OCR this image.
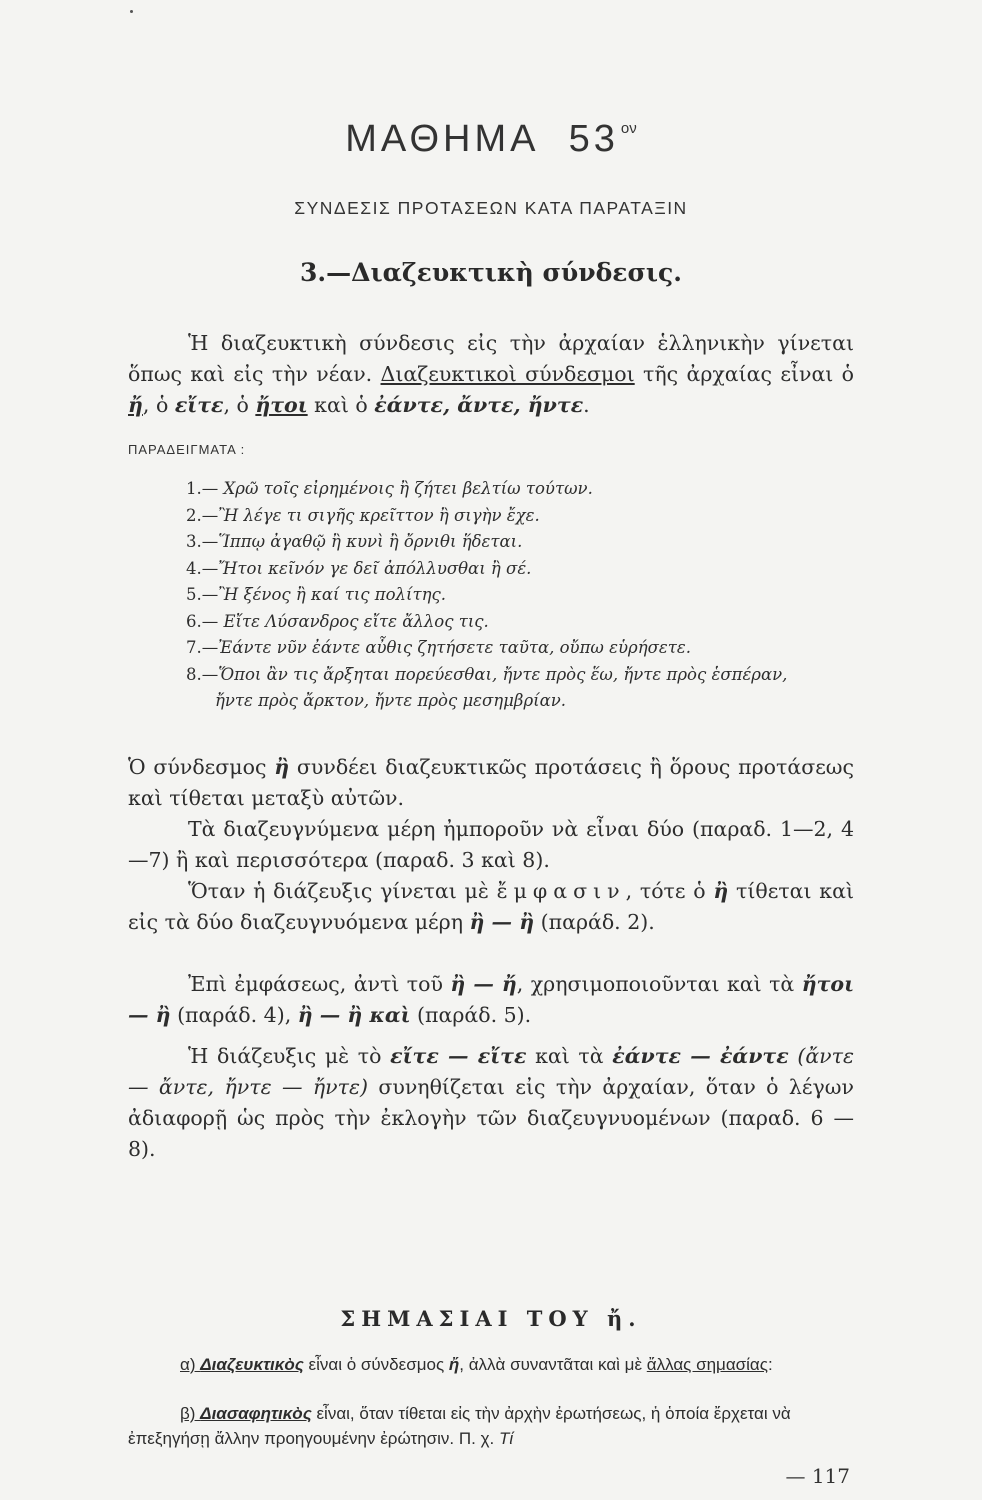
ΜΑΘΗΜΑ 53 $^{o\nu}$
ΣΥΝΔΕΣΙΣ ΠΡΟΤΑΣΕΩΝ ΚΑΤΑ ΠΑΡΑΤΑΞΙΝ
3.—Διαζευκτικὴ σύνδεσις.

Ἡ διαζευκτικὴ σύνδεσις εἰς τὴν ἀρχαίαν ἑλληνικὴν γίνεται ὅπως καὶ εἰς τὴν νέαν. Διαζευκτικοὶ σύνδεσμοι τῆς ἀρχαίας εἶναι ὁ ἤ, ὁ εἴτε, ὁ ἤτοι καὶ ὁ ἐάντε, ἄντε, ἤντε.

ΠΑΡΑΔΕΙΓΜΑΤΑ :
1.— Χρῶ τοῖς εἰρημένοις ἢ ζήτει βελτίω τούτων.
2.—Ἢ λέγε τι σιγῆς κρεῖττον ἢ σιγὴν ἔχε.
3.—Ἵππῳ ἀγαθῷ ἢ κυνὶ ἢ ὄρνιθι ἥδεται.
4.—Ἤτοι κεῖνόν γε δεῖ ἀπόλλυσθαι ἢ σέ.
5.—Ἢ ξένος ἢ καί τις πολίτης.
6.— Εἴτε Λύσανδρος εἴτε ἄλλος τις.
7.—Ἐάντε νῦν ἐάντε αὖθις ζητήσετε ταῦτα, οὔπω εὑρήσετε.
8.—Ὅποι ἂν τις ἄρξηται πορεύεσθαι, ἤντε πρὸς ἕω, ἤντε πρὸς ἑσπέραν,
ἤντε πρὸς ἄρκτον, ἤντε πρὸς μεσημβρίαν.

Ὁ σύνδεσμος ἢ συνδέει διαζευκτικῶς προτάσεις ἢ ὅρους προτάσεως καὶ τίθεται μεταξὺ αὐτῶν.

Τὰ διαζευγνύμενα μέρη ἠμποροῦν νὰ εἶναι δύο (παραδ. 1—2, 4—7) ἢ καὶ περισσότερα (παραδ. 3 καὶ 8).

Ὅταν ἡ διάζευξις γίνεται μὲ ἔμφασιν, τότε ὁ ἢ τίθεται καὶ εἰς τὰ δύο διαζευγνυόμενα μέρη ἢ — ἢ (παράδ. 2).

Ἐπὶ ἐμφάσεως, ἀντὶ τοῦ ἢ — ἤ, χρησιμοποιοῦνται καὶ τὰ ἤτοι — ἢ (παράδ. 4), ἢ — ἢ καὶ (παράδ. 5).

Ἡ διάζευξις μὲ τὸ εἴτε — εἴτε καὶ τὰ ἐάντε — ἐάντε (ἄντε — ἄντε, ἤντε — ἤντε) συνηθίζεται εἰς τὴν ἀρχαίαν, ὅταν ὁ λέγων ἀδιαφορῇ ὡς πρὸς τὴν ἐκλογὴν τῶν διαζευγνυομένων (παραδ. 6 — 8).

ΣΗΜΑΣΙΑΙ ΤΟΥ ἤ.

α) Διαζευκτικὸς εἶναι ὁ σύνδεσμος ἤ, ἀλλὰ συναντᾶται καὶ μὲ ἄλλας σημασίας:

β) Διασαφητικὸς εἶναι, ὅταν τίθεται εἰς τὴν ἀρχὴν ἐρωτήσεως, ἡ ὁποία ἔρχεται νὰ ἐπεξηγήσῃ ἄλλην προηγουμένην ἐρώτησιν. Π. χ. Τί

— 117
